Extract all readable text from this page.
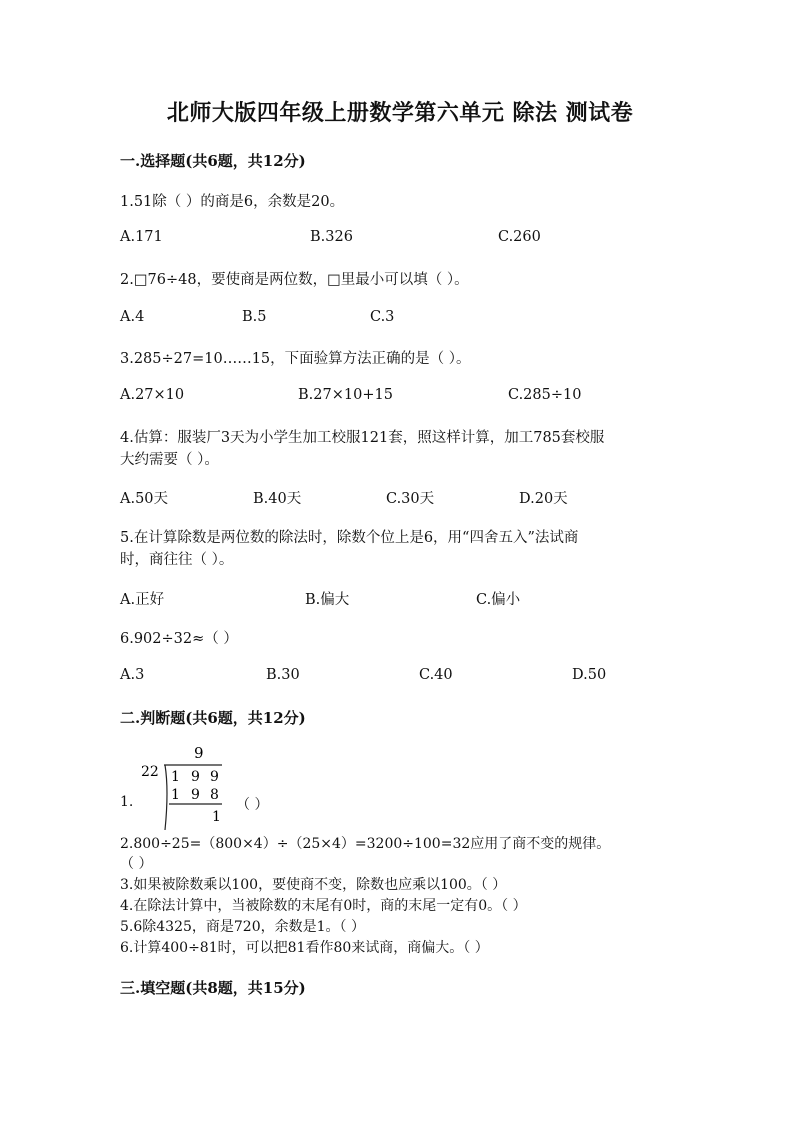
北师大版四年级上册数学第六单元 除法 测试卷
一.选择题(共6题，共12分)
1.51除（ ）的商是6，余数是20。
A.171	B.326	C.260
2.□76÷48，要使商是两位数，□里最小可以填（ ）。
A.4	B.5	C.3
3.285÷27=10……15，下面验算方法正确的是（ ）。
A.27×10	B.27×10+15	C.285÷10
4.估算：服装厂3天为小学生加工校服121套，照这样计算，加工785套校服
大约需要（ ）。
A.50天	B.40天	C.30天	D.20天
5.在计算除数是两位数的除法时，除数个位上是6，用“四舍五入”法试商
时，商往往（ ）。
A.正好	B.偏大	C.偏小
6.902÷32≈（ ）
A.3	B.30	C.40	D.50
二.判断题(共6题，共12分)
9
22 1 9 9
1 9 8
1
1.	（ ）
2.800÷25=（800×4）÷（25×4）=3200÷100=32应用了商不变的规律。
（ ）
3.如果被除数乘以100，要使商不变，除数也应乘以100。（ ）
4.在除法计算中，当被除数的末尾有0时，商的末尾一定有0。（ ）
5.6除4325，商是720，余数是1。（ ）
6.计算400÷81时，可以把81看作80来试商，商偏大。（ ）
三.填空题(共8题，共15分)
